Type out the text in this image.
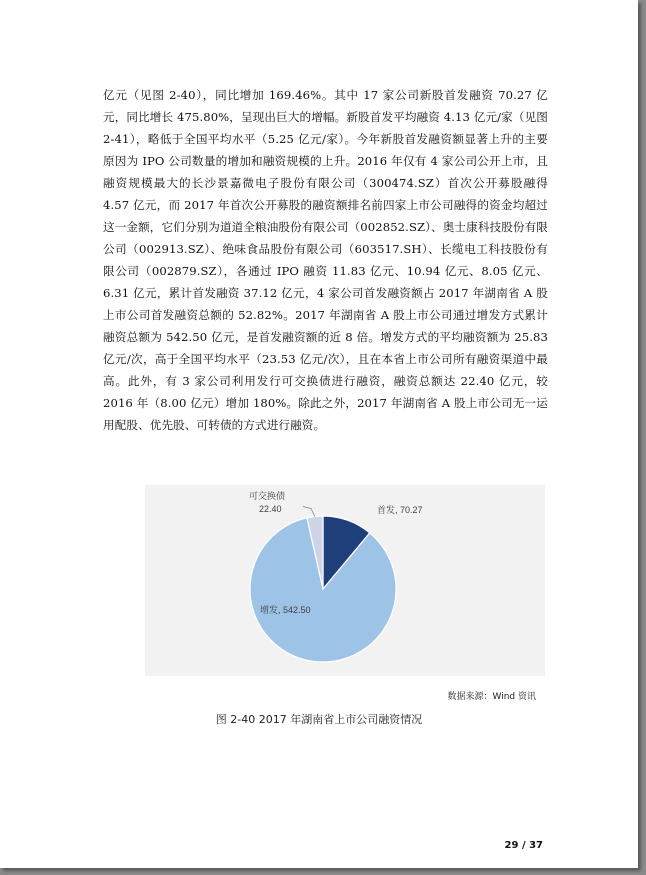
亿元（见图 2-40），同比增加 169.46%。其中 17 家公司新股首发融资 70.27 亿元，同比增长 475.80%，呈现出巨大的增幅。新股首发平均融资 4.13 亿元/家（见图 2-41），略低于全国平均水平（5.25 亿元/家）。今年新股首发融资额显著上升的主要原因为 IPO 公司数量的增加和融资规模的上升。2016 年仅有 4 家公司公开上市，且融资规模最大的长沙景嘉微电子股份有限公司（300474.SZ）首次公开募股融得 4.57 亿元，而 2017 年首次公开募股的融资额排名前四家上市公司融得的资金均超过这一金额，它们分别为道道全粮油股份有限公司（002852.SZ）、奥士康科技股份有限公司（002913.SZ）、绝味食品股份有限公司（603517.SH）、长缆电工科技股份有限公司（002879.SZ），各通过 IPO 融资 11.83 亿元、10.94 亿元、8.05 亿元、6.31 亿元，累计首发融资 37.12 亿元，4 家公司首发融资额占 2017 年湖南省 A 股上市公司首发融资总额的 52.82%。2017 年湖南省 A 股上市公司通过增发方式累计融资总额为 542.50 亿元，是首发融资额的近 8 倍。增发方式的平均融资额为 25.83 亿元/次，高于全国平均水平（23.53 亿元/次），且在本省上市公司所有融资渠道中最高。此外，有 3 家公司利用发行可交换债进行融资，融资总额达 22.40 亿元，较 2016 年（8.00 亿元）增加 180%。除此之外，2017 年湖南省 A 股上市公司无一运用配股、优先股、可转债的方式进行融资。

首发, 70.27
增发, 542.50
可交换债
22.40
数据来源：Wind 资讯
图 2-40 2017 年湖南省上市公司融资情况
29 / 37
